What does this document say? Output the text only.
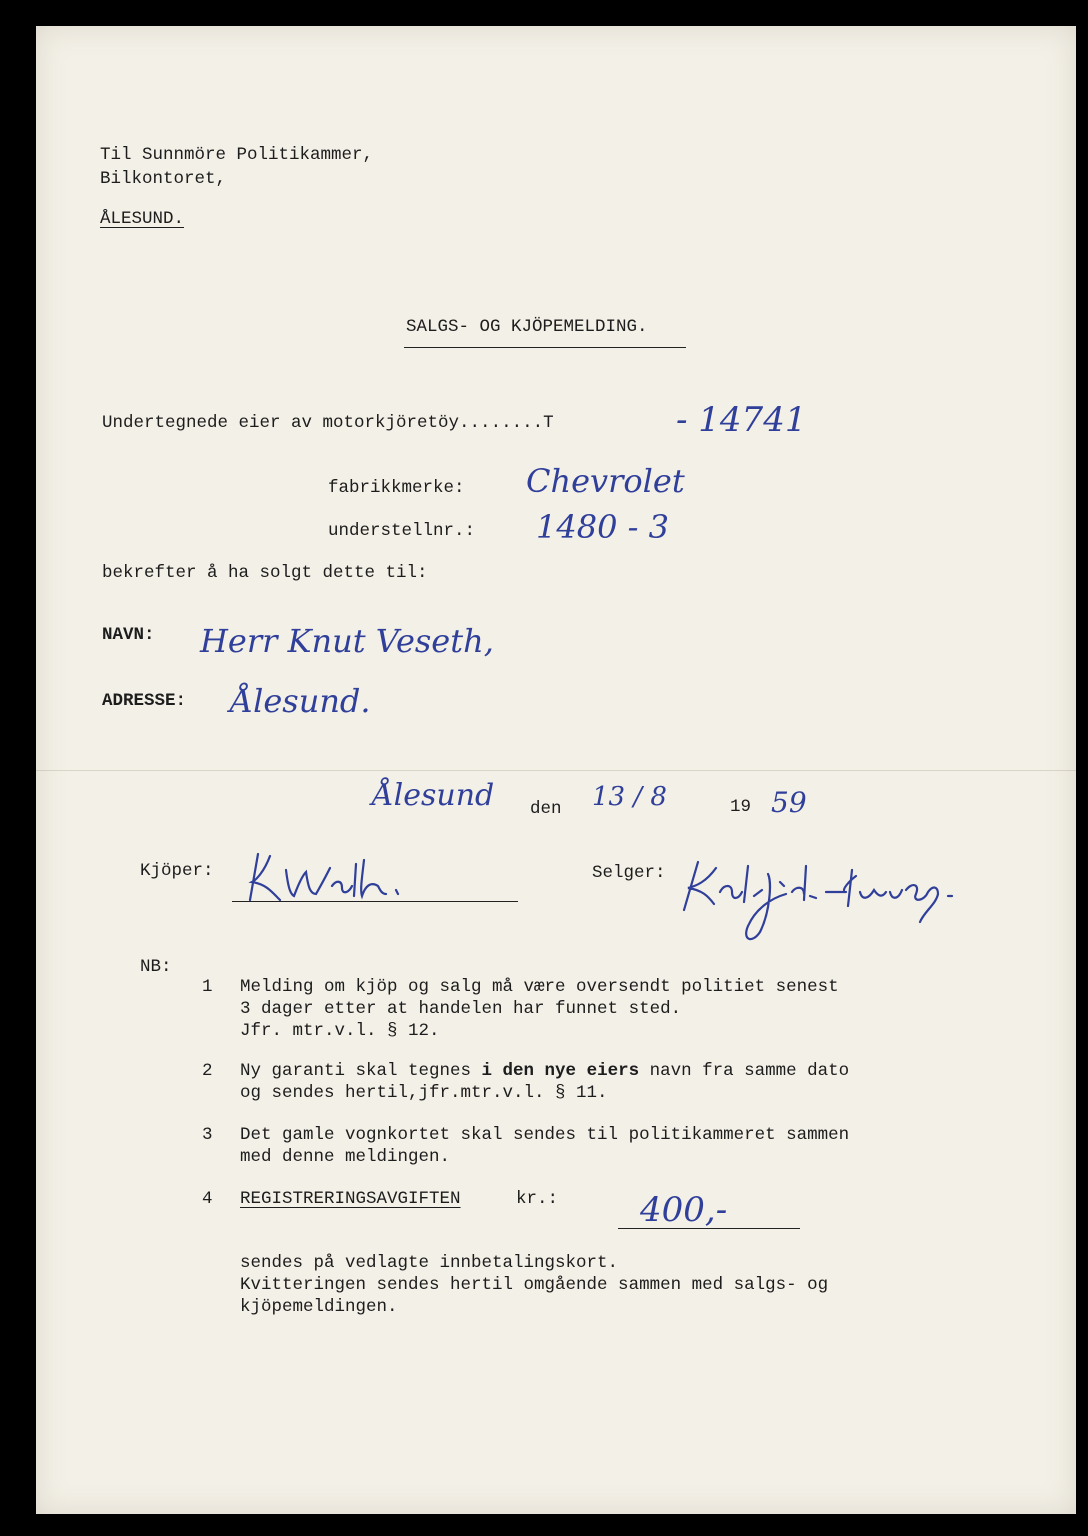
Til Sunnmöre Politikammer,
Bilkontoret,
ÅLESUND.
SALGS- OG KJÖPEMELDING.
Undertegnede eier av motorkjöretöy........T	- 14741
fabrikkmerke: Chevrolet
understellnr.: 1480 - 3
bekrefter å ha solgt dette til:
NAVN: Herr Knut Veseth,
ADRESSE: Ålesund.
Ålesund den 13 / 8	19 59
Kjöper:	Selger:
NB:
1 Melding om kjöp og salg må være oversendt politiet senest
3 dager etter at handelen har funnet sted.
Jfr. mtr.v.l. § 12.
2 Ny garanti skal tegnes i den nye eiers navn fra samme dato
og sendes hertil,jfr.mtr.v.l. § 11.
3 Det gamle vognkortet skal sendes til politikammeret sammen
med denne meldingen.
4 REGISTRERINGSAVGIFTEN	kr.: 400,-
sendes på vedlagte innbetalingskort.
Kvitteringen sendes hertil omgående sammen med salgs- og
kjöpemeldingen.
